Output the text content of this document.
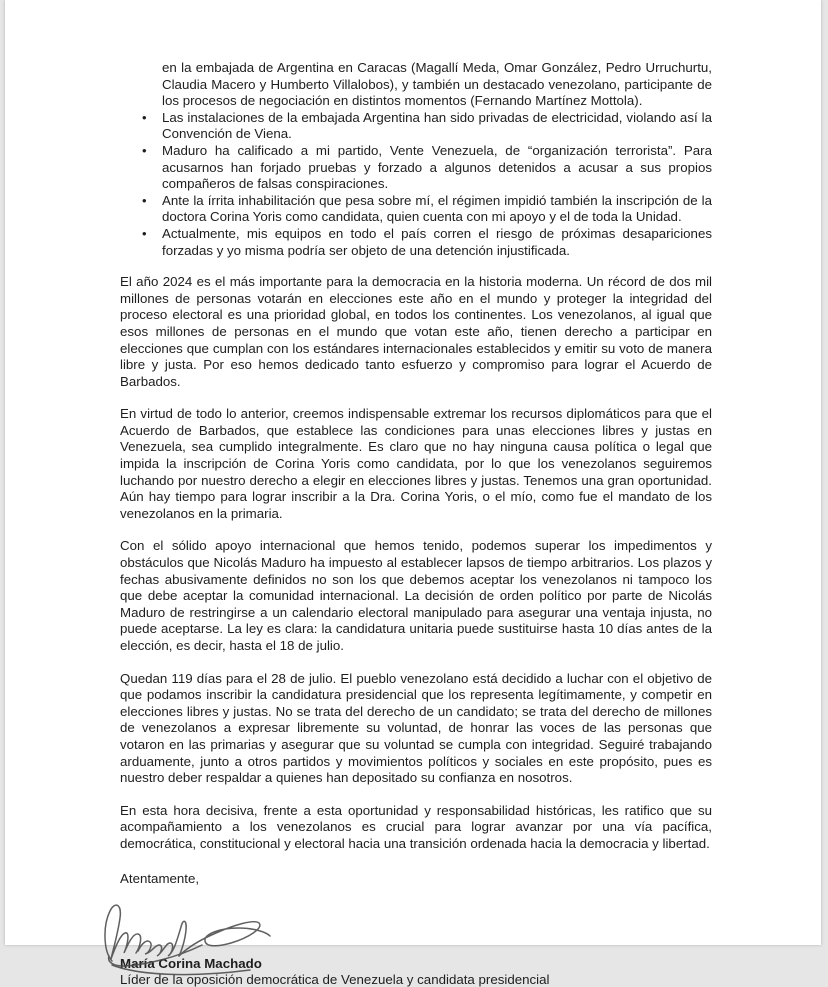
en la embajada de Argentina en Caracas (Magallí Meda, Omar González, Pedro Urruchurtu, Claudia Macero y Humberto Villalobos), y también un destacado venezolano, participante de los procesos de negociación en distintos momentos (Fernando Martínez Mottola).

• Las instalaciones de la embajada Argentina han sido privadas de electricidad, violando así la Convención de Viena.
• Maduro ha calificado a mi partido, Vente Venezuela, de “organización terrorista”. Para acusarnos han forjado pruebas y forzado a algunos detenidos a acusar a sus propios compañeros de falsas conspiraciones.
• Ante la írrita inhabilitación que pesa sobre mí, el régimen impidió también la inscripción de la doctora Corina Yoris como candidata, quien cuenta con mi apoyo y el de toda la Unidad.
• Actualmente, mis equipos en todo el país corren el riesgo de próximas desapariciones forzadas y yo misma podría ser objeto de una detención injustificada.

El año 2024 es el más importante para la democracia en la historia moderna. Un récord de dos mil millones de personas votarán en elecciones este año en el mundo y proteger la integridad del proceso electoral es una prioridad global, en todos los continentes. Los venezolanos, al igual que esos millones de personas en el mundo que votan este año, tienen derecho a participar en elecciones que cumplan con los estándares internacionales establecidos y emitir su voto de manera libre y justa. Por eso hemos dedicado tanto esfuerzo y compromiso para lograr el Acuerdo de Barbados.

En virtud de todo lo anterior, creemos indispensable extremar los recursos diplomáticos para que el Acuerdo de Barbados, que establece las condiciones para unas elecciones libres y justas en Venezuela, sea cumplido integralmente. Es claro que no hay ninguna causa política o legal que impida la inscripción de Corina Yoris como candidata, por lo que los venezolanos seguiremos luchando por nuestro derecho a elegir en elecciones libres y justas. Tenemos una gran oportunidad. Aún hay tiempo para lograr inscribir a la Dra. Corina Yoris, o el mío, como fue el mandato de los venezolanos en la primaria.

Con el sólido apoyo internacional que hemos tenido, podemos superar los impedimentos y obstáculos que Nicolás Maduro ha impuesto al establecer lapsos de tiempo arbitrarios. Los plazos y fechas abusivamente definidos no son los que debemos aceptar los venezolanos ni tampoco los que debe aceptar la comunidad internacional. La decisión de orden político por parte de Nicolás Maduro de restringirse a un calendario electoral manipulado para asegurar una ventaja injusta, no puede aceptarse. La ley es clara: la candidatura unitaria puede sustituirse hasta 10 días antes de la elección, es decir, hasta el 18 de julio.

Quedan 119 días para el 28 de julio. El pueblo venezolano está decidido a luchar con el objetivo de que podamos inscribir la candidatura presidencial que los representa legítimamente, y competir en elecciones libres y justas. No se trata del derecho de un candidato; se trata del derecho de millones de venezolanos a expresar libremente su voluntad, de honrar las voces de las personas que votaron en las primarias y asegurar que su voluntad se cumpla con integridad. Seguiré trabajando arduamente, junto a otros partidos y movimientos políticos y sociales en este propósito, pues es nuestro deber respaldar a quienes han depositado su confianza en nosotros.

En esta hora decisiva, frente a esta oportunidad y responsabilidad históricas, les ratifico que su acompañamiento a los venezolanos es crucial para lograr avanzar por una vía pacífica, democrática, constitucional y electoral hacia una transición ordenada hacia la democracia y libertad.

Atentamente,

María Corina Machado
Líder de la oposición democrática de Venezuela y candidata presidencial
